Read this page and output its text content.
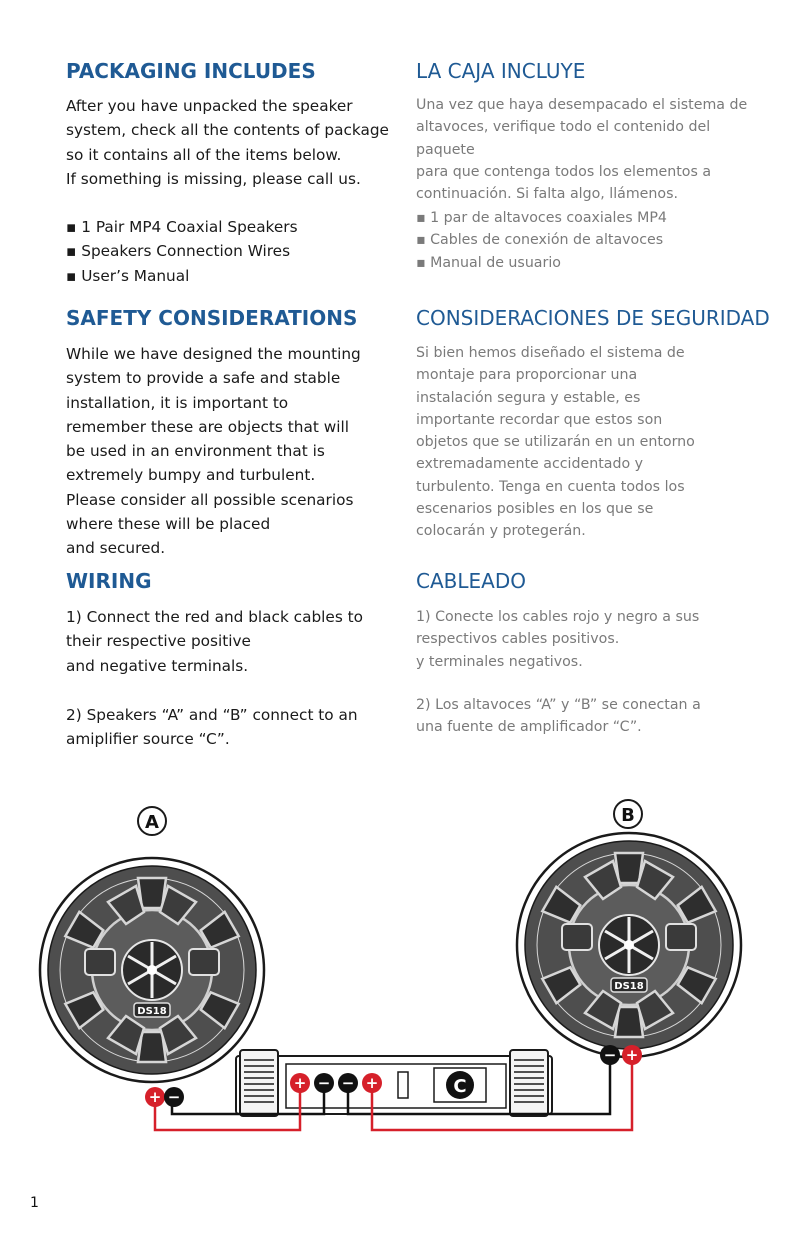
PACKAGING INCLUDES

After you have unpacked the speaker
system, check all the contents of package
so it contains all of the items below.
If something is missing, please call us.

▪ 1 Pair MP4 Coaxial Speakers
▪ Speakers Connection Wires
▪ User’s Manual

SAFETY CONSIDERATIONS

While we have designed the mounting
system to provide a safe and stable
installation, it is important to
remember these are objects that will
be used in an environment that is
extremely bumpy and turbulent.
Please consider all possible scenarios
where these will be placed
and secured.

WIRING

1) Connect the red and black cables to
their respective positive
and negative terminals.

2) Speakers “A” and “B” connect to an
amiplifier source “C”.

LA CAJA INCLUYE

Una vez que haya desempacado el sistema de
altavoces, verifique todo el contenido del paquete
para que contenga todos los elementos a
continuación. Si falta algo, llámenos.

▪ 1 par de altavoces coaxiales MP4
▪ Cables de conexión de altavoces
▪ Manual de usuario

CONSIDERACIONES DE SEGURIDAD

Si bien hemos diseñado el sistema de
montaje para proporcionar una
instalación segura y estable, es
importante recordar que estos son
objetos que se utilizarán en un entorno
extremadamente accidentado y
turbulento. Tenga en cuenta todos los
escenarios posibles en los que se
colocarán y protegerán.

CABLEADO

1) Conecte los cables rojo y negro a sus
respectivos cables positivos.
y terminales negativos.

2) Los altavoces “A” y “B” se conectan a
una fuente de amplificador “C”.

DS18
A
DS18
B
C
+ −
− +
+ − − +
1
